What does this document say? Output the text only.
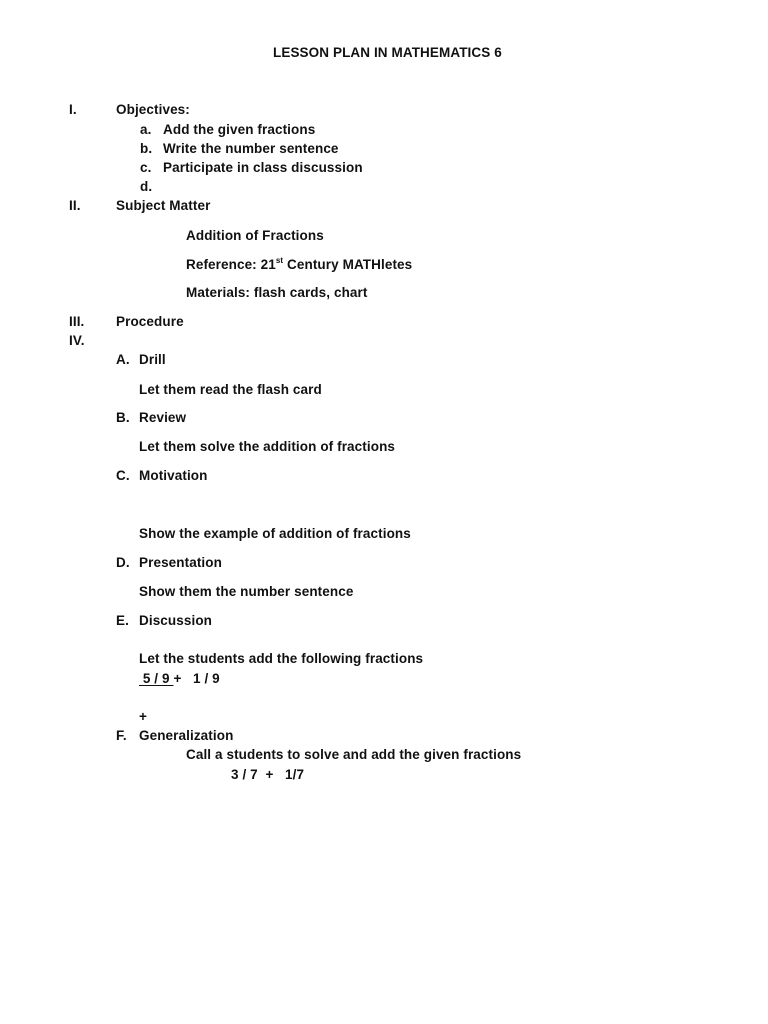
LESSON PLAN IN MATHEMATICS 6
I.	Objectives:
a. Add the given fractions
b. Write the number sentence
c. Participate in class discussion
d.
II.	Subject Matter
Addition of Fractions
Reference: 21st Century MATHletes
Materials: flash cards, chart
III. Procedure
IV.
A. Drill
Let them read the flash card
B. Review
Let them solve the addition of fractions
C. Motivation
Show the example of addition of fractions
D. Presentation
Show them the number sentence
E. Discussion
Let the students add the following fractions
5 / 9 +   1 / 9
+
F. Generalization
Call a students to solve and add the given fractions
3 / 7  +   1/7
